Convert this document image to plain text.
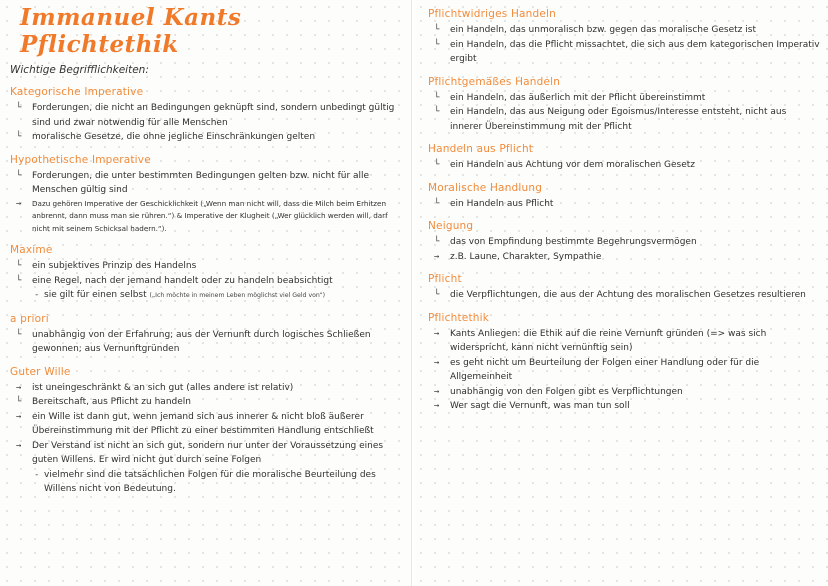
Immanuel Kants Pflichtethik
Wichtige Begrifflichkeiten:
Kategorische Imperative
└	Forderungen, die nicht an Bedingungen geknüpft sind, sondern unbedingt gültig sind und zwar notwendig für alle Menschen
└	moralische Gesetze, die ohne jegliche Einschränkungen gelten
Hypothetische Imperative
└	Forderungen, die unter bestimmten Bedingungen gelten bzw. nicht für alle Menschen gültig sind
→	Dazu gehören Imperative der Geschicklichkeit („Wenn man nicht will, dass die Milch beim Erhitzen anbrennt, dann muss man sie rühren.“) & Imperative der Klugheit („Wer glücklich werden will, darf nicht mit seinem Schicksal hadern.“).
Maxime
└	ein subjektives Prinzip des Handelns
└	eine Regel, nach der jemand handelt oder zu handeln beabsichtigt
- sie gilt für einen selbst („Ich möchte in meinem Leben möglichst viel Geld von“)
a priori
└	unabhängig von der Erfahrung; aus der Vernunft durch logisches Schließen gewonnen; aus Vernunftgründen
Guter Wille
→	ist uneingeschränkt & an sich gut (alles andere ist relativ)
└	Bereitschaft, aus Pflicht zu handeln
→	ein Wille ist dann gut, wenn jemand sich aus innerer & nicht bloß äußerer Übereinstimmung mit der Pflicht zu einer bestimmten Handlung entschließt
→	Der Verstand ist nicht an sich gut, sondern nur unter der Voraussetzung eines guten Willens. Er wird nicht gut durch seine Folgen
- vielmehr sind die tatsächlichen Folgen für die moralische Beurteilung des Willens nicht von Bedeutung.
Pflichtwidriges Handeln
└	ein Handeln, das unmoralisch bzw. gegen das moralische Gesetz ist
└	ein Handeln, das die Pflicht missachtet, die sich aus dem kategorischen Imperativ ergibt
Pflichtgemäßes Handeln
└	ein Handeln, das äußerlich mit der Pflicht übereinstimmt
└	ein Handeln, das aus Neigung oder Egoismus/Interesse entsteht, nicht aus innerer Übereinstimmung mit der Pflicht
Handeln aus Pflicht
└	ein Handeln aus Achtung vor dem moralischen Gesetz
Moralische Handlung
└	ein Handeln aus Pflicht
Neigung
└	das von Empfindung bestimmte Begehrungsvermögen
→	z.B. Laune, Charakter, Sympathie
Pflicht
└	die Verpflichtungen, die aus der Achtung des moralischen Gesetzes resultieren
Pflichtethik
→	Kants Anliegen: die Ethik auf die reine Vernunft gründen (=> was sich widerspricht, kann nicht vernünftig sein)
→	es geht nicht um Beurteilung der Folgen einer Handlung oder für die Allgemeinheit
→	unabhängig von den Folgen gibt es Verpflichtungen
→	Wer sagt die Vernunft, was man tun soll
